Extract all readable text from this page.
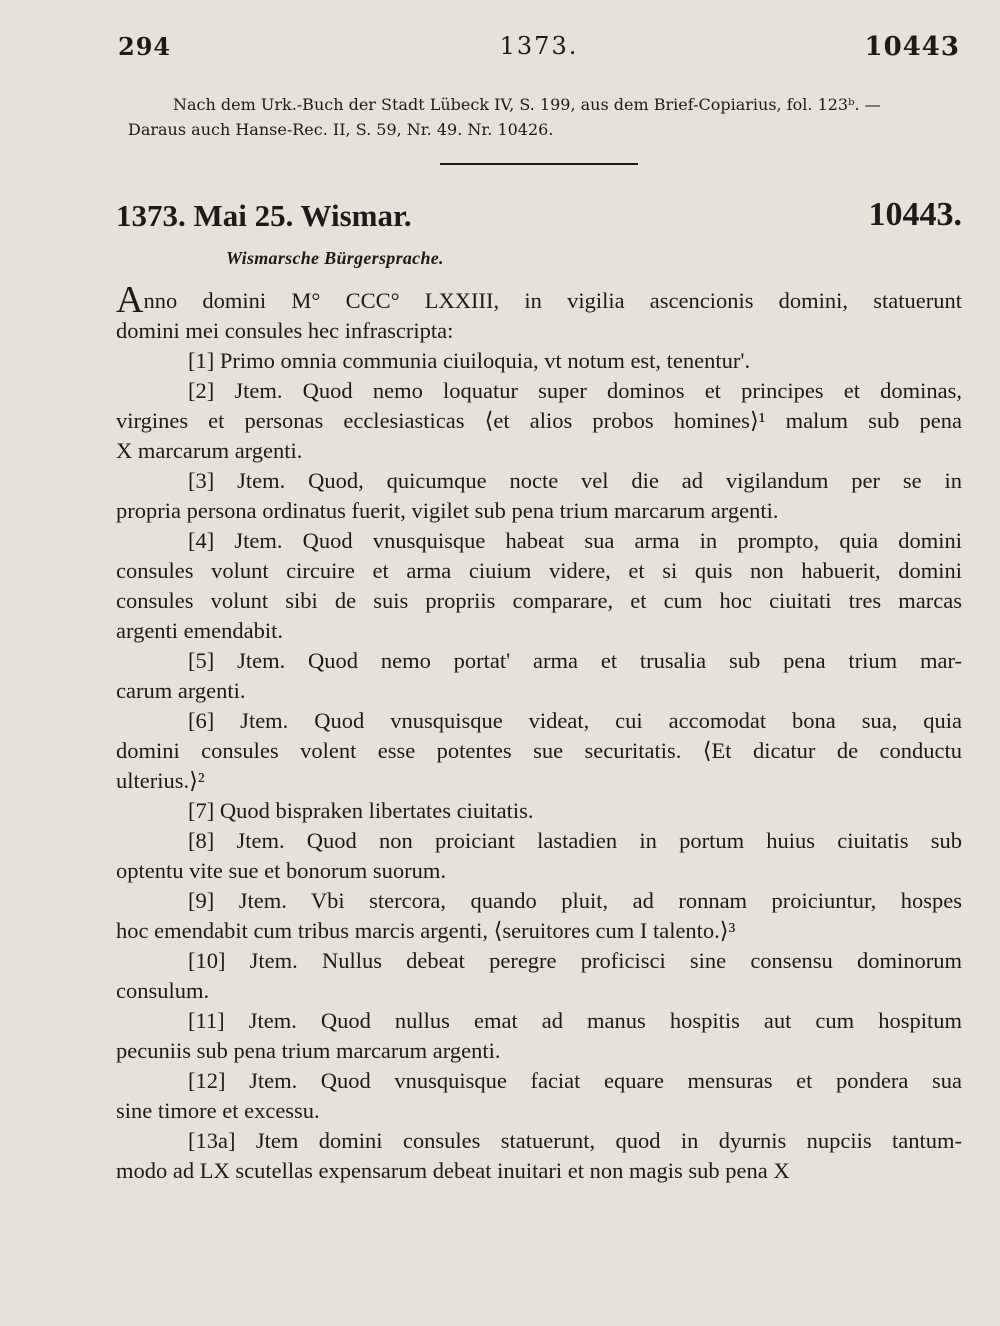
294	1373.	10443
Nach dem Urk.-Buch der Stadt Lübeck IV, S. 199, aus dem Brief-Copiarius, fol. 123ᵇ. —
Daraus auch Hanse-Rec. II, S. 59, Nr. 49. Nr. 10426.
1373. Mai 25. Wismar.	10443.
Wismarsche Bürgersprache.
Anno domini M° CCC° LXXIII, in vigilia ascencionis domini, statuerunt
domini mei consules hec infrascripta:
[1] Primo omnia communia ciuiloquia, vt notum est, tenentur'.
[2] Jtem. Quod nemo loquatur super dominos et principes et dominas,
virgines et personas ecclesiasticas ⟨et alios probos homines⟩¹ malum sub pena
X marcarum argenti.
[3] Jtem. Quod, quicumque nocte vel die ad vigilandum per se in
propria persona ordinatus fuerit, vigilet sub pena trium marcarum argenti.
[4] Jtem. Quod vnusquisque habeat sua arma in prompto, quia domini
consules volunt circuire et arma ciuium videre, et si quis non habuerit, domini
consules volunt sibi de suis propriis comparare, et cum hoc ciuitati tres marcas
argenti emendabit.
[5] Jtem. Quod nemo portat' arma et trusalia sub pena trium mar-
carum argenti.
[6] Jtem. Quod vnusquisque videat, cui accomodat bona sua, quia
domini consules volent esse potentes sue securitatis. ⟨Et dicatur de conductu
ulterius.⟩²
[7] Quod bispraken libertates ciuitatis.
[8] Jtem. Quod non proiciant lastadien in portum huius ciuitatis sub
optentu vite sue et bonorum suorum.
[9] Jtem. Vbi stercora, quando pluit, ad ronnam proiciuntur, hospes
hoc emendabit cum tribus marcis argenti, ⟨seruitores cum I talento.⟩³
[10] Jtem. Nullus debeat peregre proficisci sine consensu dominorum
consulum.
[11] Jtem. Quod nullus emat ad manus hospitis aut cum hospitum
pecuniis sub pena trium marcarum argenti.
[12] Jtem. Quod vnusquisque faciat equare mensuras et pondera sua
sine timore et excessu.
[13a] Jtem domini consules statuerunt, quod in dyurnis nupciis tantum-
modo ad LX scutellas expensarum debeat inuitari et non magis sub pena X
